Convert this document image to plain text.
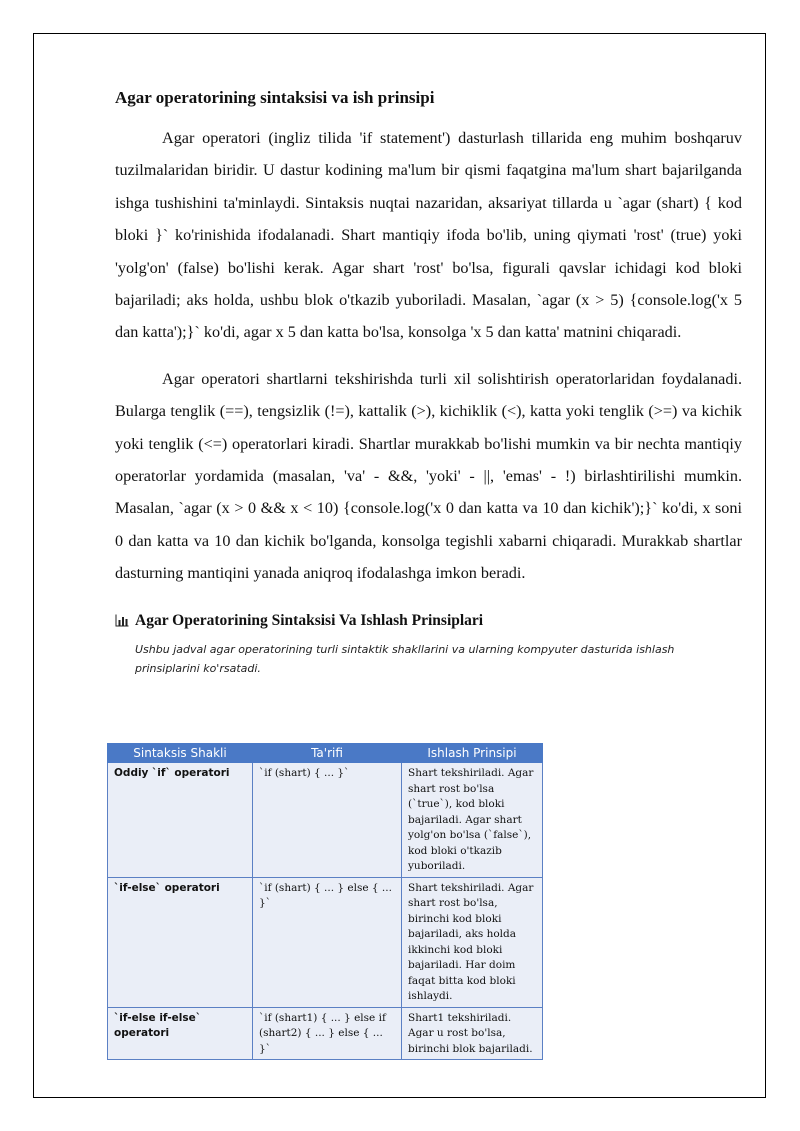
Agar operatorining sintaksisi va ish prinsipi

Agar operatori (ingliz tilida 'if statement') dasturlash tillarida eng muhim boshqaruv tuzilmalaridan biridir. U dastur kodining ma'lum bir qismi faqatgina ma'lum shart bajarilganda ishga tushishini ta'minlaydi. Sintaksis nuqtai nazaridan, aksariyat tillarda u `agar (shart) { kod bloki }` ko'rinishida ifodalanadi. Shart mantiqiy ifoda bo'lib, uning qiymati 'rost' (true) yoki 'yolg'on' (false) bo'lishi kerak. Agar shart 'rost' bo'lsa, figurali qavslar ichidagi kod bloki bajariladi; aks holda, ushbu blok o'tkazib yuboriladi. Masalan, `agar (x > 5) {console.log('x 5 dan katta');}` ko'di, agar x 5 dan katta bo'lsa, konsolga 'x 5 dan katta' matnini chiqaradi.

Agar operatori shartlarni tekshirishda turli xil solishtirish operatorlaridan foydalanadi. Bularga tenglik (==), tengsizlik (!=), kattalik (>), kichiklik (<), katta yoki tenglik (>=) va kichik yoki tenglik (<=) operatorlari kiradi. Shartlar murakkab bo'lishi mumkin va bir nechta mantiqiy operatorlar yordamida (masalan, 'va' - &&, 'yoki' - ||, 'emas' - !) birlashtirilishi mumkin. Masalan, `agar (x > 0 && x < 10) {console.log('x 0 dan katta va 10 dan kichik');}` ko'di, x soni 0 dan katta va 10 dan kichik bo'lganda, konsolga tegishli xabarni chiqaradi. Murakkab shartlar dasturning mantiqini yanada aniqroq ifodalashga imkon beradi.

Agar Operatorining Sintaksisi Va Ishlash Prinsiplari
Ushbu jadval agar operatorining turli sintaktik shakllarini va ularning kompyuter dasturida ishlash prinsiplarini ko'rsatadi.
Sintaksis Shakli	Ta'rifi	Ishlash Prinsipi
Oddiy `if` operatori	`if (shart) { ... }`	Shart tekshiriladi. Agar shart rost bo'lsa (`true`), kod bloki bajariladi. Agar shart yolg'on bo'lsa (`false`), kod bloki o'tkazib yuboriladi.
`if-else` operatori	`if (shart) { ... } else { ... }`	Shart tekshiriladi. Agar shart rost bo'lsa, birinchi kod bloki bajariladi, aks holda ikkinchi kod bloki bajariladi. Har doim faqat bitta kod bloki ishlaydi.
`if-else if-else` operatori	`if (shart1) { ... } else if (shart2) { ... } else { ... }`	Shart1 tekshiriladi. Agar u rost bo'lsa, birinchi blok bajariladi.
